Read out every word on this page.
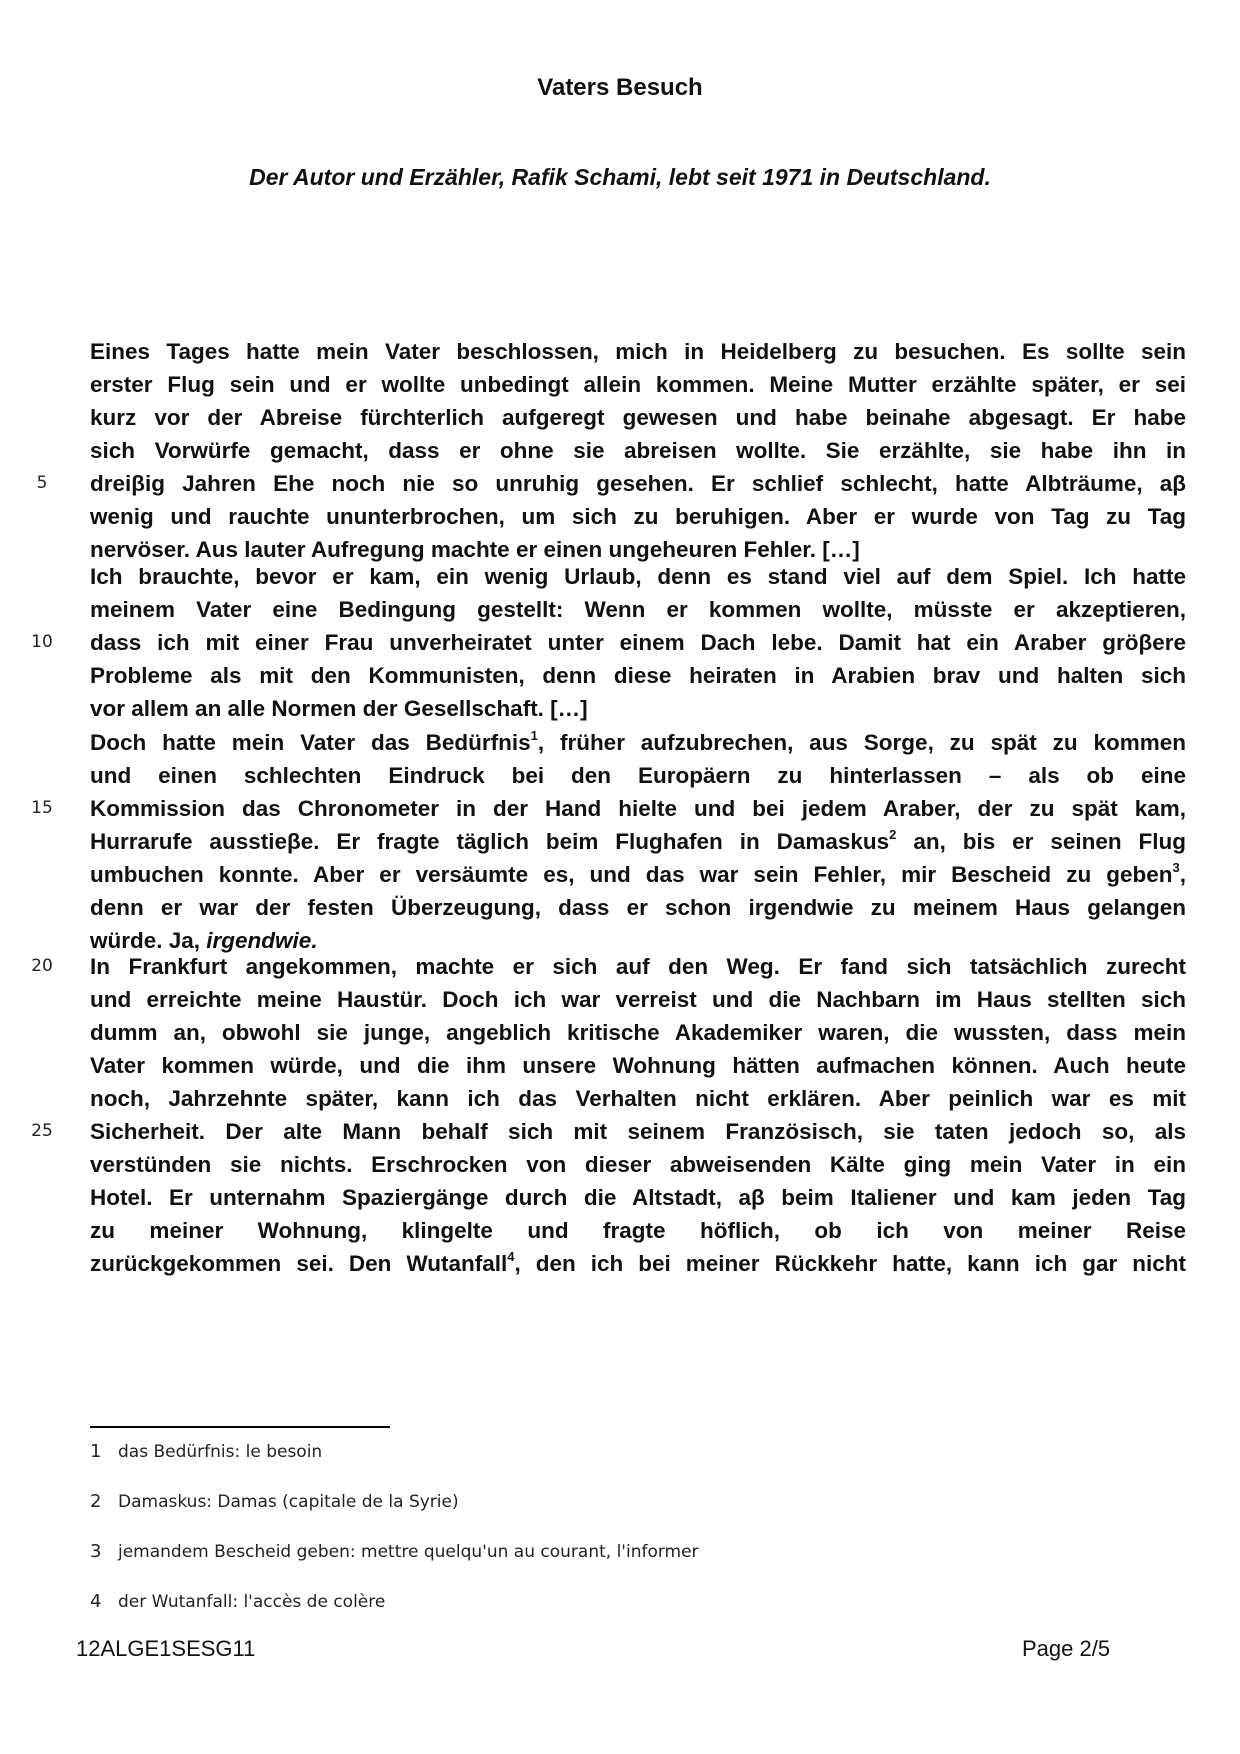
Vaters Besuch
Der Autor und Erzähler, Rafik Schami, lebt seit 1971 in Deutschland.
Eines Tages hatte mein Vater beschlossen, mich in Heidelberg zu besuchen. Es sollte sein
erster Flug sein und er wollte unbedingt allein kommen. Meine Mutter erzählte später, er sei
kurz vor der Abreise fürchterlich aufgeregt gewesen und habe beinahe abgesagt. Er habe
sich Vorwürfe gemacht, dass er ohne sie abreisen wollte. Sie erzählte, sie habe ihn in
5 dreiβig Jahren Ehe noch nie so unruhig gesehen. Er schlief schlecht, hatte Albträume, aβ
wenig und rauchte ununterbrochen, um sich zu beruhigen. Aber er wurde von Tag zu Tag
nervöser. Aus lauter Aufregung machte er einen ungeheuren Fehler. […]
Ich brauchte, bevor er kam, ein wenig Urlaub, denn es stand viel auf dem Spiel. Ich hatte
meinem Vater eine Bedingung gestellt: Wenn er kommen wollte, müsste er akzeptieren,
10 dass ich mit einer Frau unverheiratet unter einem Dach lebe. Damit hat ein Araber gröβere
Probleme als mit den Kommunisten, denn diese heiraten in Arabien brav und halten sich
vor allem an alle Normen der Gesellschaft. […]
Doch hatte mein Vater das Bedürfnis$^1$, früher aufzubrechen, aus Sorge, zu spät zu kommen
und einen schlechten Eindruck bei den Europäern zu hinterlassen – als ob eine
15 Kommission das Chronometer in der Hand hielte und bei jedem Araber, der zu spät kam,
Hurrarufe ausstieβe. Er fragte täglich beim Flughafen in Damaskus$^2$ an, bis er seinen Flug
umbuchen konnte. Aber er versäumte es, und das war sein Fehler, mir Bescheid zu geben$^3$,
denn er war der festen Überzeugung, dass er schon irgendwie zu meinem Haus gelangen
würde. Ja, irgendwie.
20 In Frankfurt angekommen, machte er sich auf den Weg. Er fand sich tatsächlich zurecht
und erreichte meine Haustür. Doch ich war verreist und die Nachbarn im Haus stellten sich
dumm an, obwohl sie junge, angeblich kritische Akademiker waren, die wussten, dass mein
Vater kommen würde, und die ihm unsere Wohnung hätten aufmachen können. Auch heute
noch, Jahrzehnte später, kann ich das Verhalten nicht erklären. Aber peinlich war es mit
25 Sicherheit. Der alte Mann behalf sich mit seinem Französisch, sie taten jedoch so, als
verstünden sie nichts. Erschrocken von dieser abweisenden Kälte ging mein Vater in ein
Hotel. Er unternahm Spaziergänge durch die Altstadt, aβ beim Italiener und kam jeden Tag
zu meiner Wohnung, klingelte und fragte höflich, ob ich von meiner Reise
zurückgekommen sei. Den Wutanfall$^4$, den ich bei meiner Rückkehr hatte, kann ich gar nicht
1 das Bedürfnis: le besoin
2 Damaskus: Damas (capitale de la Syrie)
3 jemandem Bescheid geben: mettre quelqu'un au courant, l'informer
4 der Wutanfall: l'accès de colère
12ALGE1SESG11	Page 2/5
